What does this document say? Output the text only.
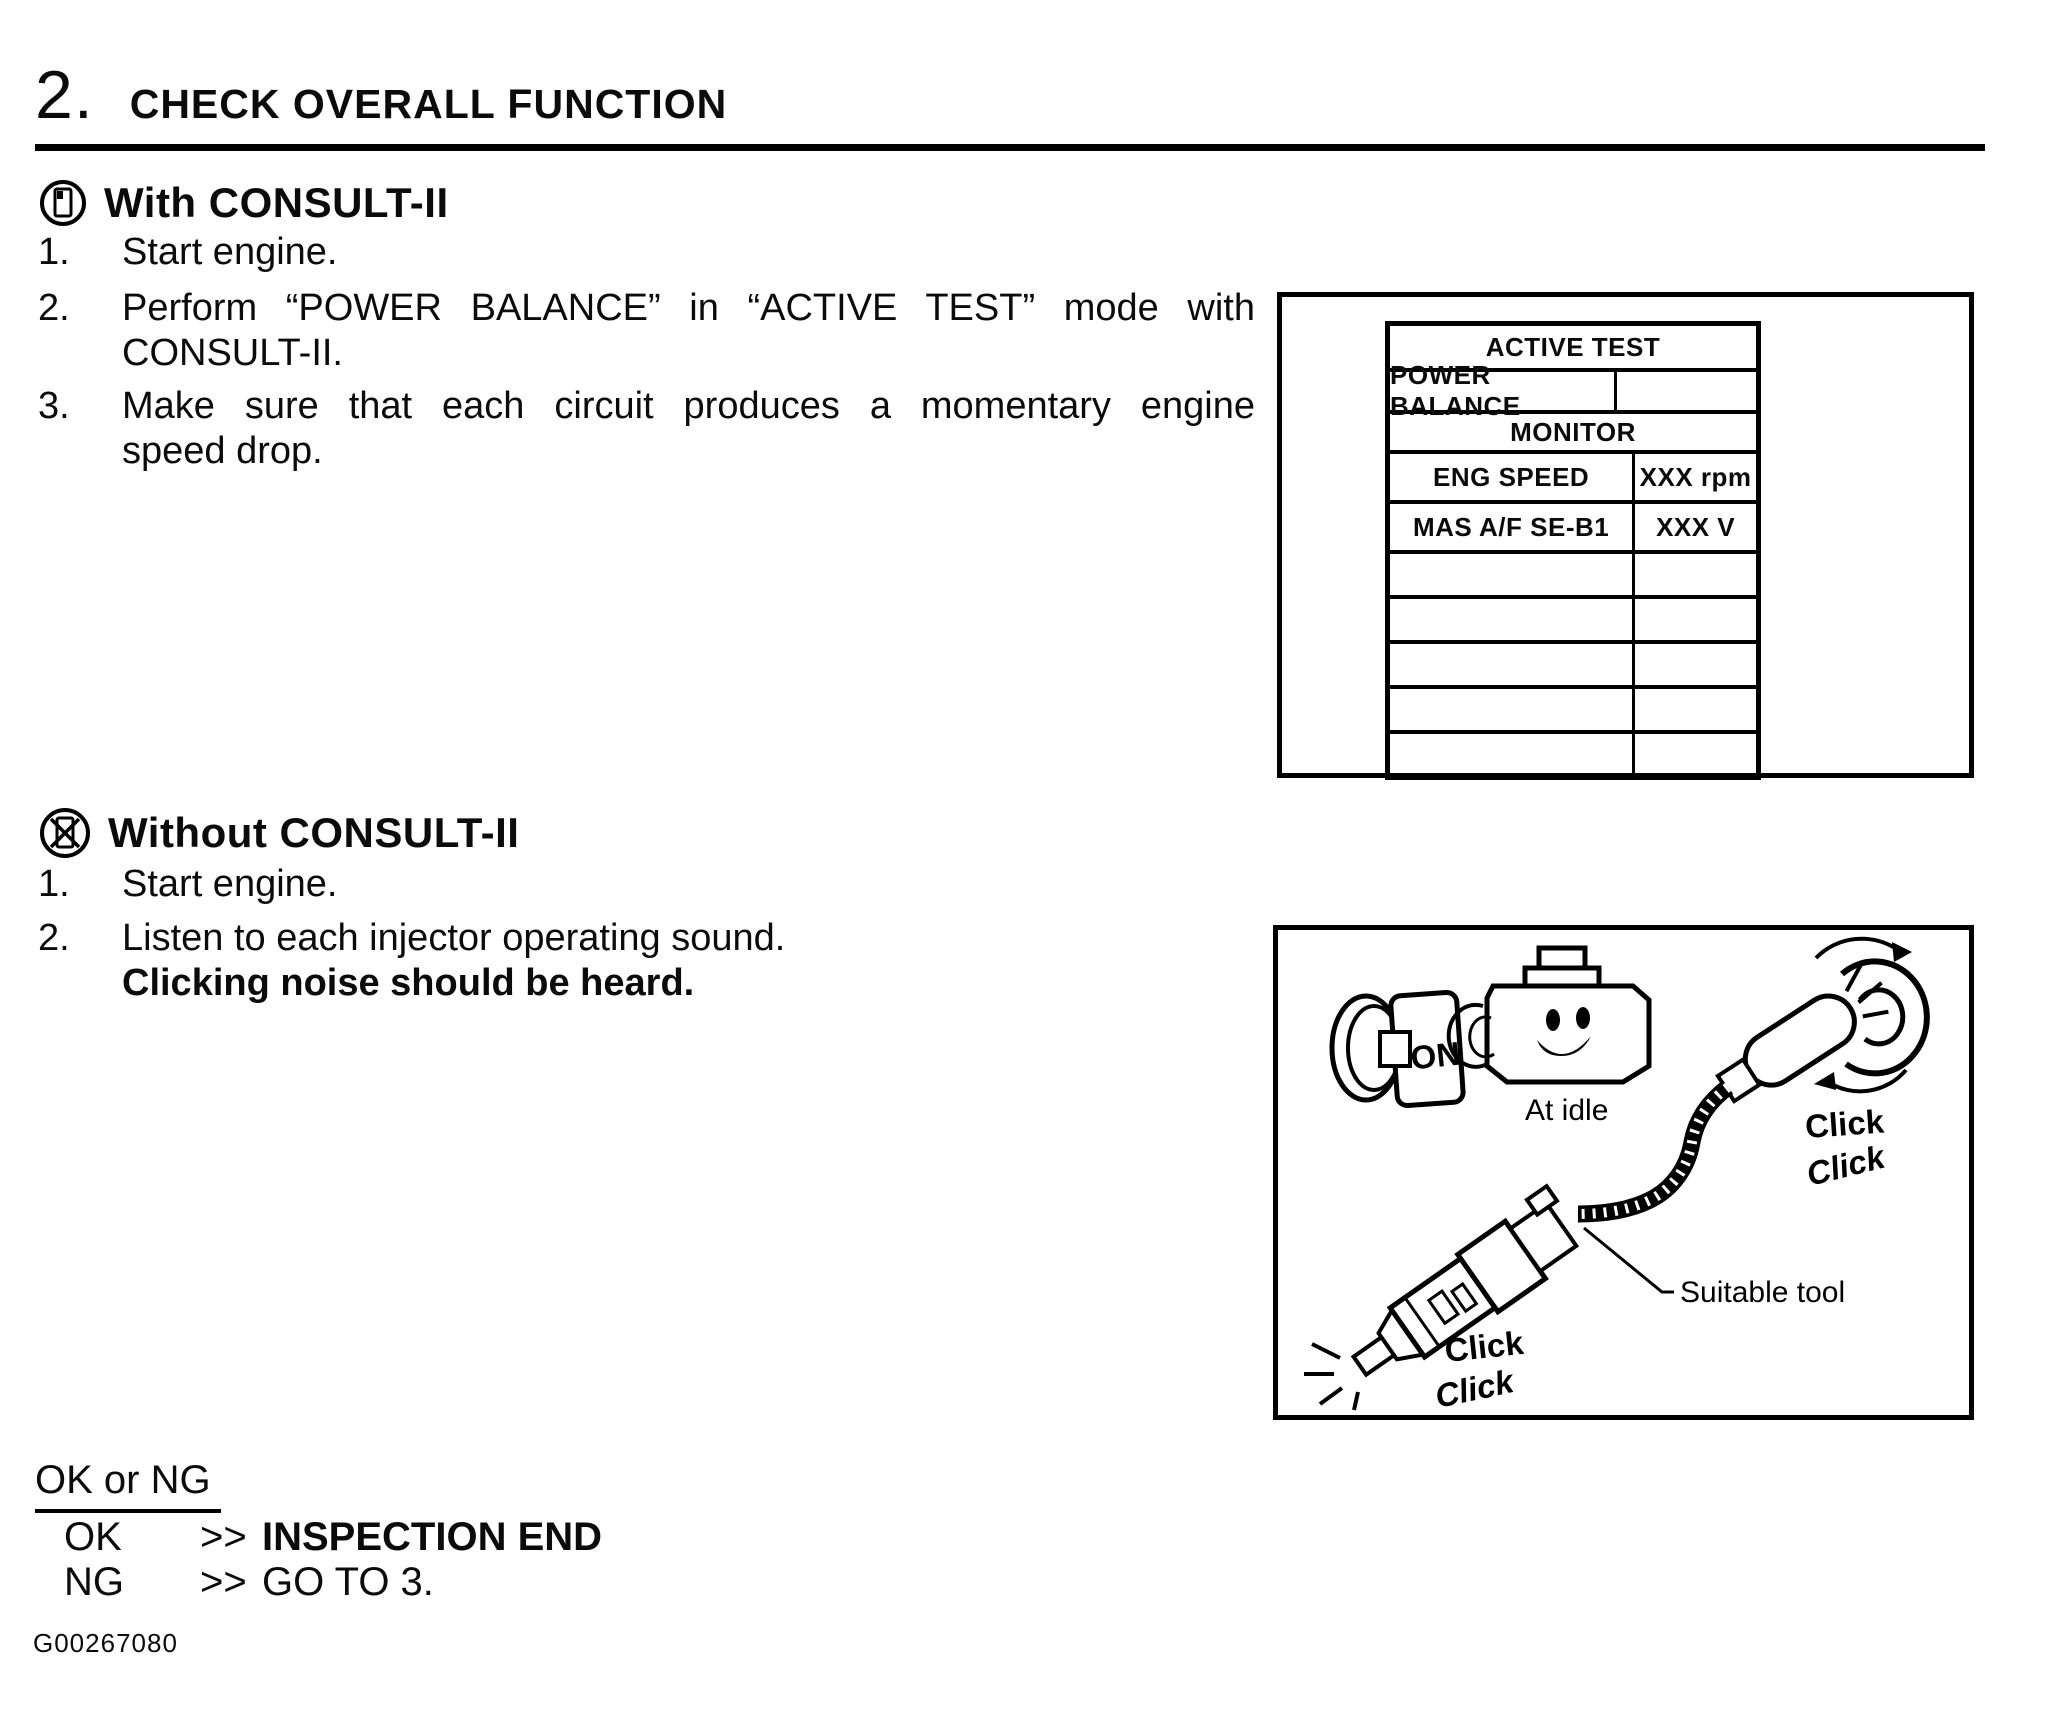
2. CHECK OVERALL FUNCTION
With CONSULT-II
1.	Start engine.
2.	Perform “POWER BALANCE” in “ACTIVE TEST” mode with
CONSULT-II.
3.	Make sure that each circuit produces a momentary engine
speed drop.
ACTIVE TEST
POWER BALANCE
MONITOR
ENG SPEED	XXX rpm
MAS A/F SE-B1	XXX V
Without CONSULT-II
1.	Start engine.
2.	Listen to each injector operating sound.
Clicking noise should be heard.
ON
At idle
Suitable tool
Click
Click
Click
Click
OK or NG
OK	>> INSPECTION END
NG	>> GO TO 3.
G00267080
